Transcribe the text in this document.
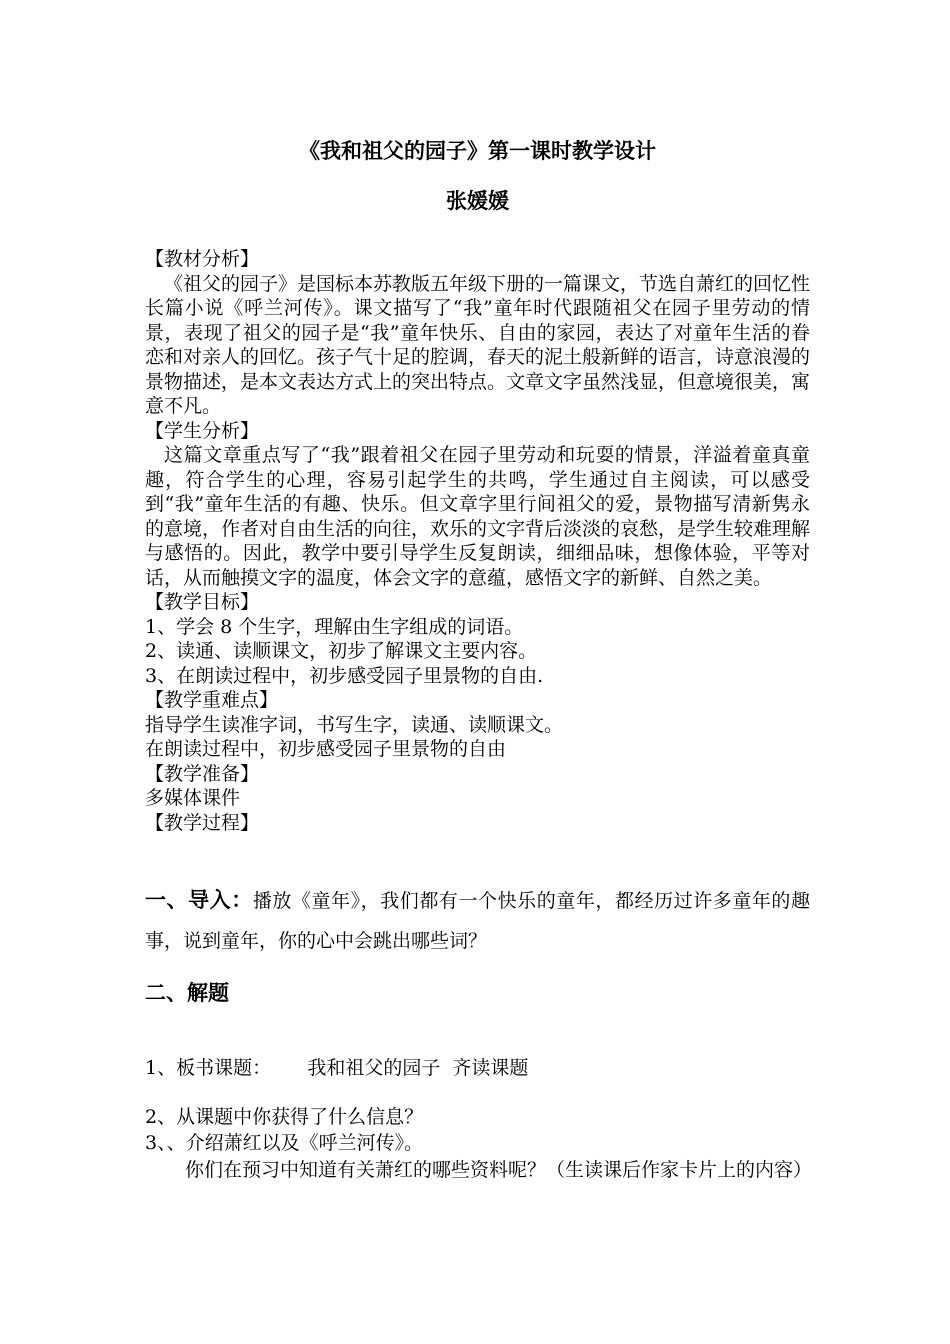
《我和祖父的园子》第一课时教学设计
张媛媛

【教材分析】

《祖父的园子》是国标本苏教版五年级下册的一篇课文，节选自萧红的回忆性长篇小说《呼兰河传》。课文描写了“我”童年时代跟随祖父在园子里劳动的情景，表现了祖父的园子是“我”童年快乐、自由的家园，表达了对童年生活的眷恋和对亲人的回忆。孩子气十足的腔调，春天的泥土般新鲜的语言，诗意浪漫的景物描述，是本文表达方式上的突出特点。文章文字虽然浅显，但意境很美，寓意不凡。

【学生分析】

这篇文章重点写了“我”跟着祖父在园子里劳动和玩耍的情景，洋溢着童真童趣，符合学生的心理，容易引起学生的共鸣，学生通过自主阅读，可以感受到“我”童年生活的有趣、快乐。但文章字里行间祖父的爱，景物描写清新隽永的意境，作者对自由生活的向往，欢乐的文字背后淡淡的哀愁，是学生较难理解与感悟的。因此，教学中要引导学生反复朗读，细细品味，想像体验，平等对话，从而触摸文字的温度，体会文字的意蕴，感悟文字的新鲜、自然之美。

【教学目标】

1、学会 8 个生字，理解由生字组成的词语。

2、读通、读顺课文，初步了解课文主要内容。

3、在朗读过程中，初步感受园子里景物的自由.

【教学重难点】

指导学生读准字词，书写生字，读通、读顺课文。

在朗读过程中，初步感受园子里景物的自由

【教学准备】

多媒体课件

【教学过程】

一、导入：播放《童年》，我们都有一个快乐的童年，都经历过许多童年的趣事，说到童年，你的心中会跳出哪些词？

二、解题

1、板书课题：      我和祖父的园子  齐读课题

2、从课题中你获得了什么信息？

3、、介绍萧红以及《呼兰河传》。

你们在预习中知道有关萧红的哪些资料呢？（生读课后作家卡片上的内容）
